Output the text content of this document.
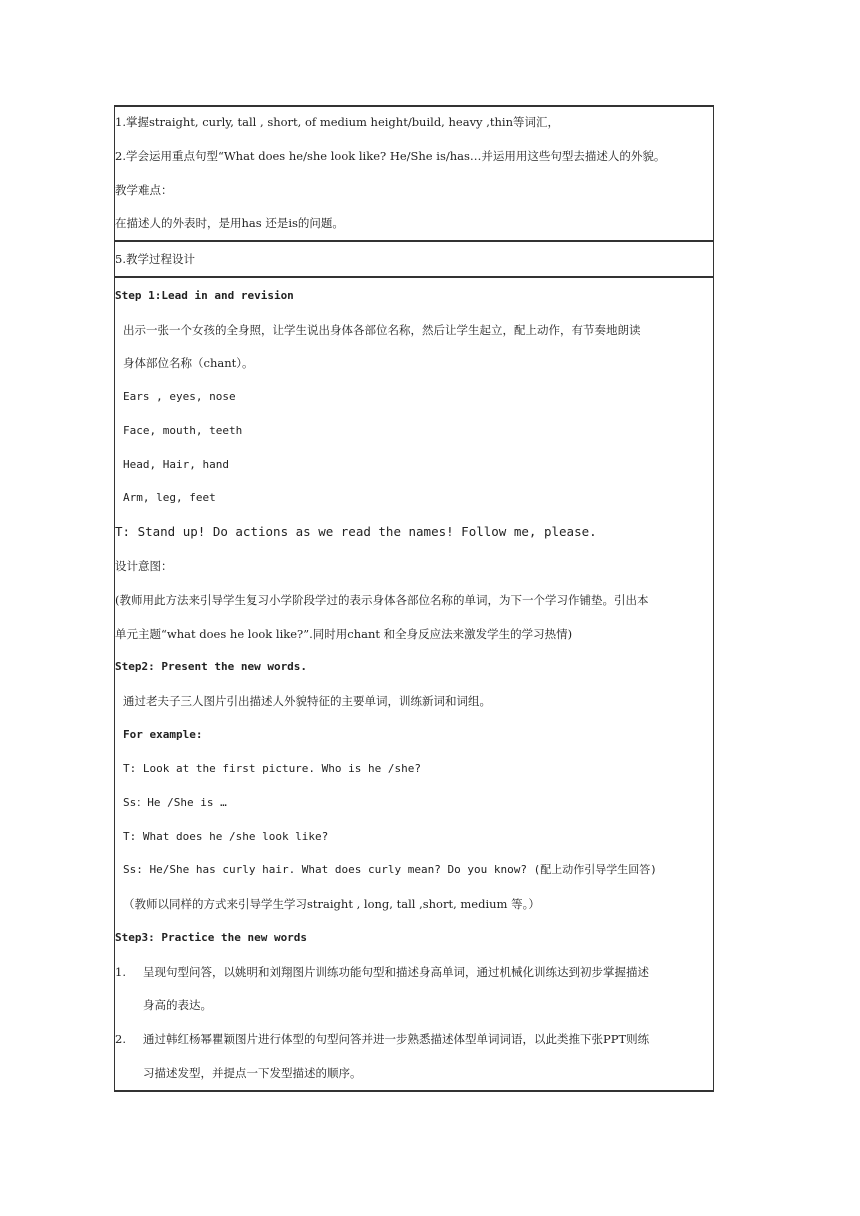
1.掌握straight, curly, tall , short, of medium height/build, heavy ,thin等词汇，
2.学会运用重点句型“What does he/she look like? He/She is/has…并运用用这些句型去描述人的外貌。
教学难点：
在描述人的外表时，是用has 还是is的问题。
5.教学过程设计
Step 1:Lead in and revision
出示一张一个女孩的全身照，让学生说出身体各部位名称，然后让学生起立，配上动作，有节奏地朗读
身体部位名称（chant）。
Ears , eyes, nose
Face, mouth, teeth
Head, Hair, hand
Arm, leg, feet
T: Stand up! Do actions as we read the names! Follow me, please.
设计意图：
(教师用此方法来引导学生复习小学阶段学过的表示身体各部位名称的单词，为下一个学习作铺垫。引出本
单元主题“what does he look like?”.同时用chant 和全身反应法来激发学生的学习热情)
Step2: Present the new words.
通过老夫子三人图片引出描述人外貌特征的主要单词，训练新词和词组。
For example:
T: Look at the first picture. Who is he /she?
Ss：He /She is …
T: What does he /she look like?
Ss: He/She has curly hair. What does curly mean? Do you know? (配上动作引导学生回答)
（教师以同样的方式来引导学生学习straight , long, tall ,short, medium 等。）
Step3: Practice the new words
1. 呈现句型问答，以姚明和刘翔图片训练功能句型和描述身高单词，通过机械化训练达到初步掌握描述
身高的表达。
2. 通过韩红杨幂瞿颖图片进行体型的句型问答并进一步熟悉描述体型单词词语，以此类推下张PPT则练
习描述发型，并提点一下发型描述的顺序。
